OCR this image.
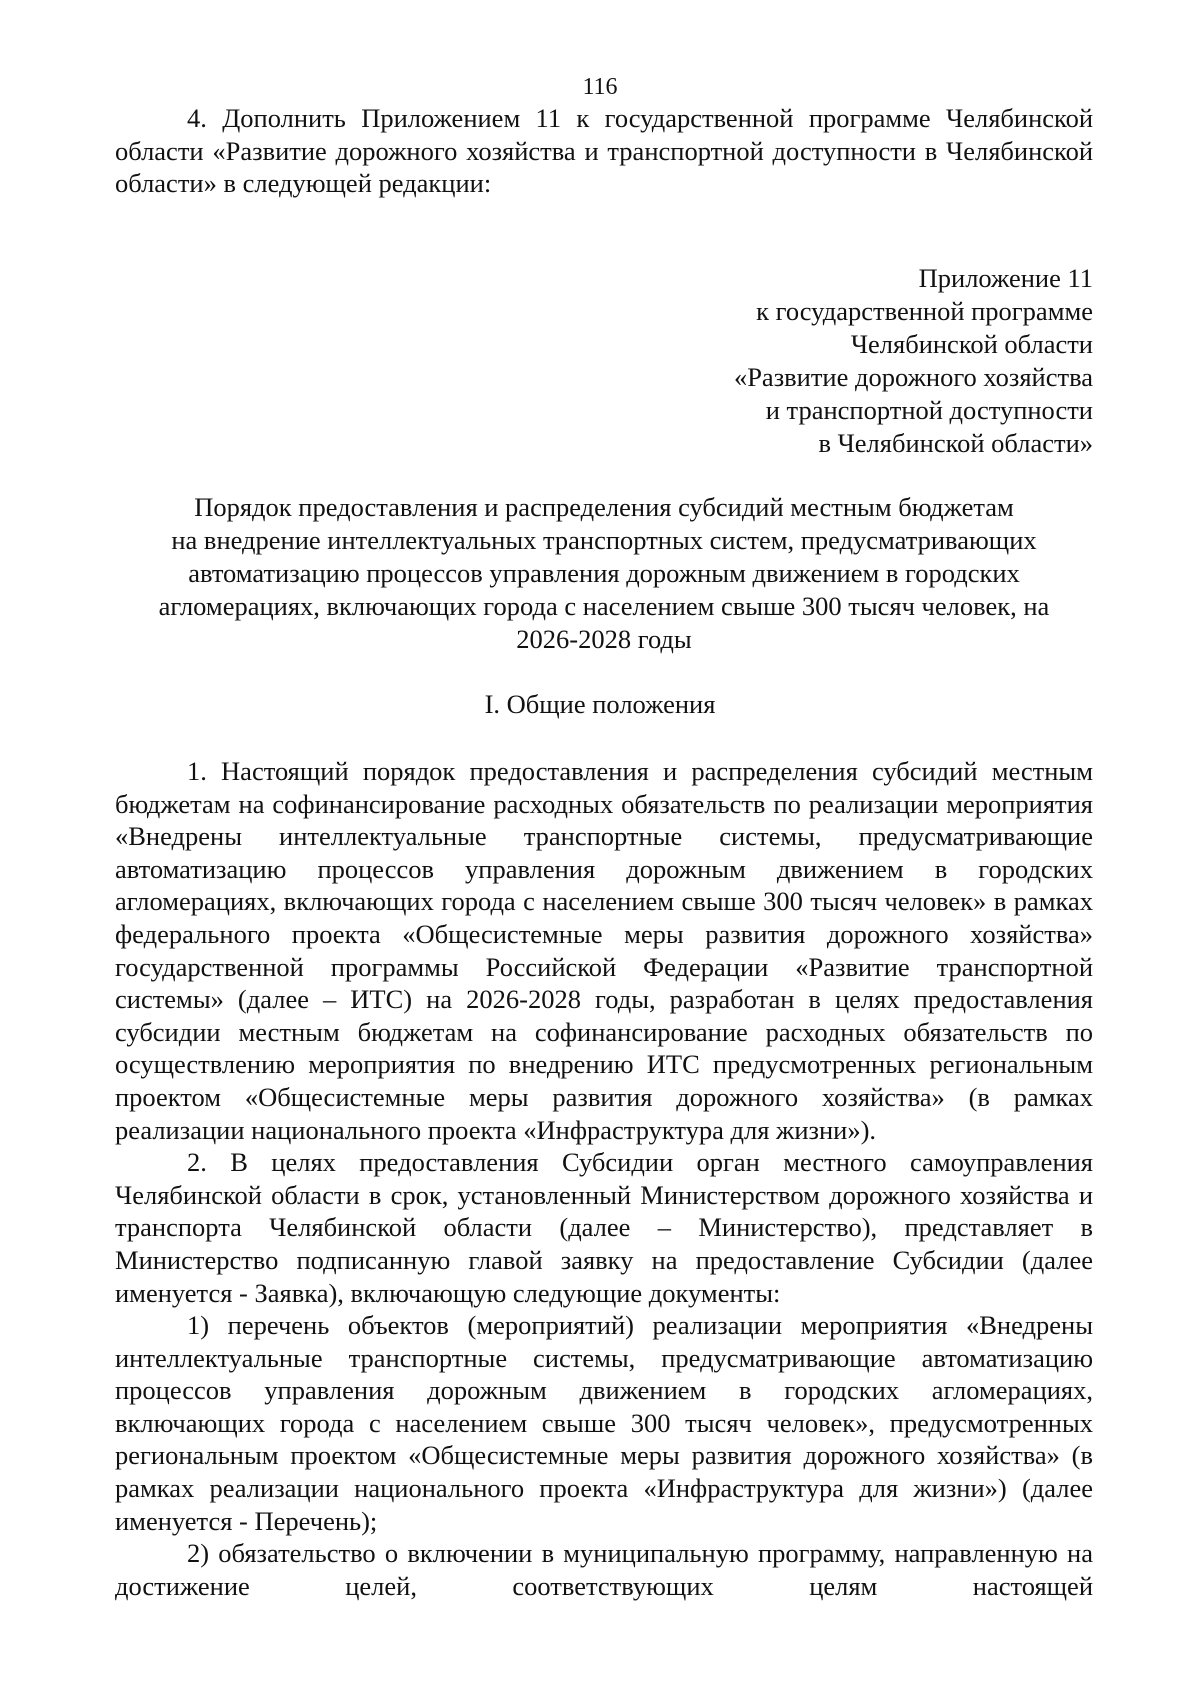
116

4. Дополнить Приложением 11 к государственной программе Челябинской области «Развитие дорожного хозяйства и транспортной доступности в Челябинской области» в следующей редакции:

Приложение 11
к государственной программе
Челябинской области
«Развитие дорожного хозяйства
и транспортной доступности
в Челябинской области»
Порядок предоставления и распределения субсидий местным бюджетам
на внедрение интеллектуальных транспортных систем, предусматривающих
автоматизацию процессов управления дорожным движением в городских
агломерациях, включающих города с населением свыше 300 тысяч человек, на
2026-2028 годы
I. Общие положения

1. Настоящий порядок предоставления и распределения субсидий местным бюджетам на софинансирование расходных обязательств по реализации мероприятия «Внедрены интеллектуальные транспортные системы, предусматривающие автоматизацию процессов управления дорожным движением в городских агломерациях, включающих города с населением свыше 300 тысяч человек» в рамках федерального проекта «Общесистемные меры развития дорожного хозяйства» государственной программы Российской Федерации «Развитие транспортной системы» (далее – ИТС) на 2026-2028 годы, разработан в целях предоставления субсидии местным бюджетам на софинансирование расходных обязательств по осуществлению мероприятия по внедрению ИТС предусмотренных региональным проектом «Общесистемные меры развития дорожного хозяйства» (в рамках реализации национального проекта «Инфраструктура для жизни»).

2. В целях предоставления Субсидии орган местного самоуправления Челябинской области в срок, установленный Министерством дорожного хозяйства и транспорта Челябинской области (далее – Министерство), представляет в Министерство подписанную главой заявку на предоставление Субсидии (далее именуется - Заявка), включающую следующие документы:

1) перечень объектов (мероприятий) реализации мероприятия «Внедрены интеллектуальные транспортные системы, предусматривающие автоматизацию процессов управления дорожным движением в городских агломерациях, включающих города с населением свыше 300 тысяч человек», предусмотренных региональным проектом «Общесистемные меры развития дорожного хозяйства» (в рамках реализации национального проекта «Инфраструктура для жизни») (далее именуется - Перечень);

2) обязательство о включении в муниципальную программу, направленную на достижение целей, соответствующих целям настоящей
